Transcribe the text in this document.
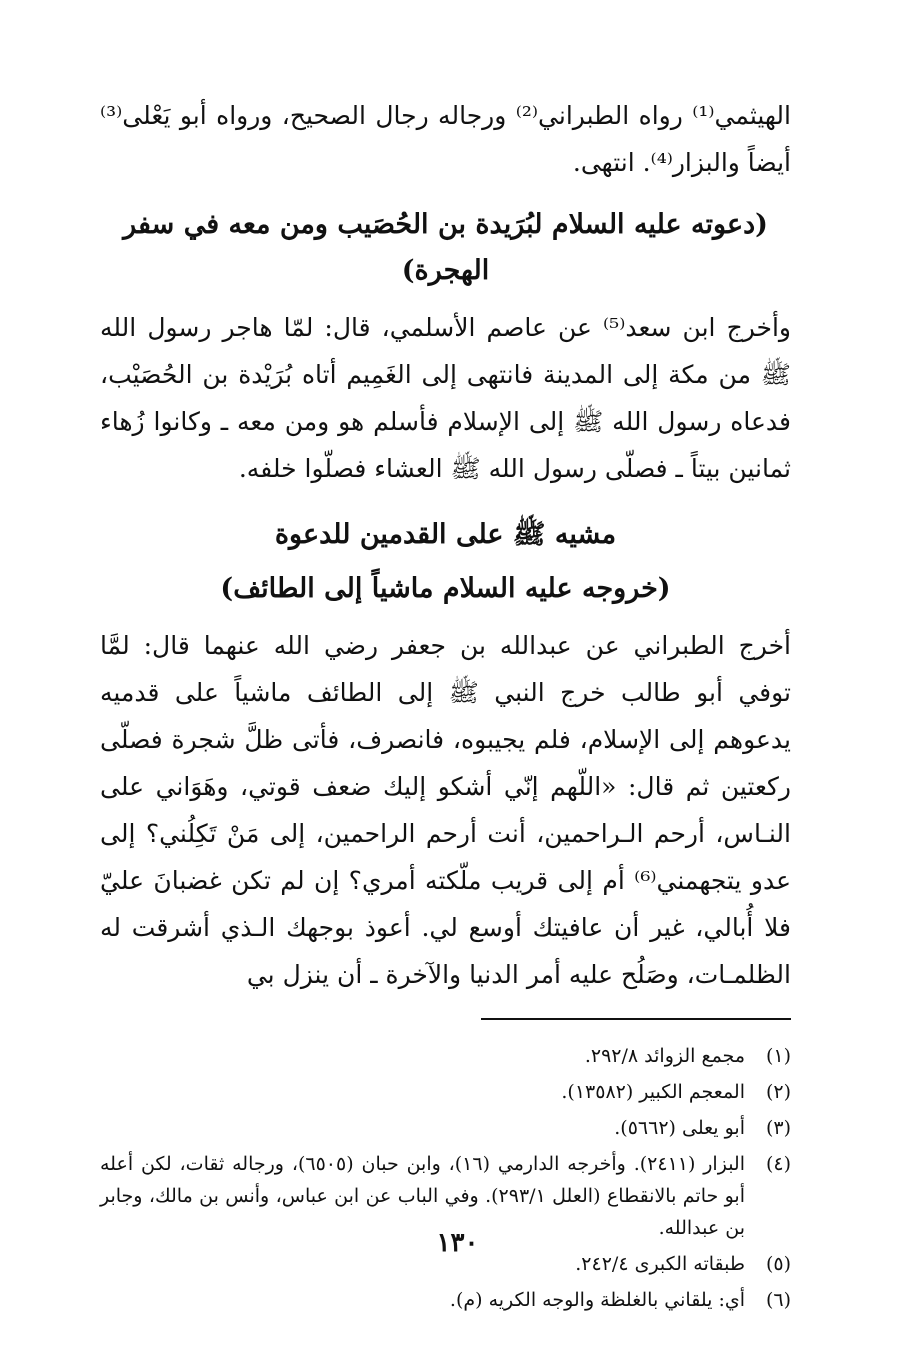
الهيثمي⁽¹⁾ رواه الطبراني⁽²⁾ ورجاله رجال الصحيح، ورواه أبو يَعْلى⁽³⁾ أيضاً والبزار⁽⁴⁾. انتهى.

(دعوته عليه السلام لبُرَيدة بن الحُصَيب ومن معه في سفر الهجرة)

وأخرج ابن سعد⁽⁵⁾ عن عاصم الأسلمي، قال: لمّا هاجر رسول الله ﷺ من مكة إلى المدينة فانتهى إلى الغَمِيم أتاه بُرَيْدة بن الحُصَيْب، فدعاه رسول الله ﷺ إلى الإسلام فأسلم هو ومن معه ـ وكانوا زُهاء ثمانين بيتاً ـ فصلّى رسول الله ﷺ العشاء فصلّوا خلفه.

مشيه ﷺ على القدمين للدعوة
(خروجه عليه السلام ماشياً إلى الطائف)

أخرج الطبراني عن عبدالله بن جعفر رضي الله عنهما قال: لمَّا توفي أبو طالب خرج النبي ﷺ إلى الطائف ماشياً على قدميه يدعوهم إلى الإسلام، فلم يجيبوه، فانصرف، فأتى ظلَّ شجرة فصلّى ركعتين ثم قال: «اللّهم إنّي أشكو إليك ضعف قوتي، وهَوَاني على النـاس، أرحم الـراحمين، أنت أرحم الراحمين، إلى مَنْ تَكِلُني؟ إلى عدو يتجهمني⁽⁶⁾ أم إلى قريب ملّكته أمري؟ إن لم تكن غضبانَ عليّ فلا أُبالي، غير أن عافيتك أوسع لي. أعوذ بوجهك الـذي أشرقت له الظلمـات، وصَلُح عليه أمر الدنيا والآخرة ـ أن ينزل بي

(١)
مجمع الزوائد ٢٩٢/٨.
(٢)
المعجم الكبير (١٣٥٨٢).
(٣)
أبو يعلى (٥٦٦٢).
(٤)
البزار (٢٤١١). وأخرجه الدارمي (١٦)، وابن حبان (٦٥٠٥)، ورجاله ثقات، لكن أعله أبو حاتم بالانقطاع (العلل ٢٩٣/١). وفي الباب عن ابن عباس، وأنس بن مالك، وجابر بن عبدالله.
(٥)
طبقاته الكبرى ٢٤٢/٤.
(٦)
أي: يلقاني بالغلظة والوجه الكريه (م).
١٣٠
